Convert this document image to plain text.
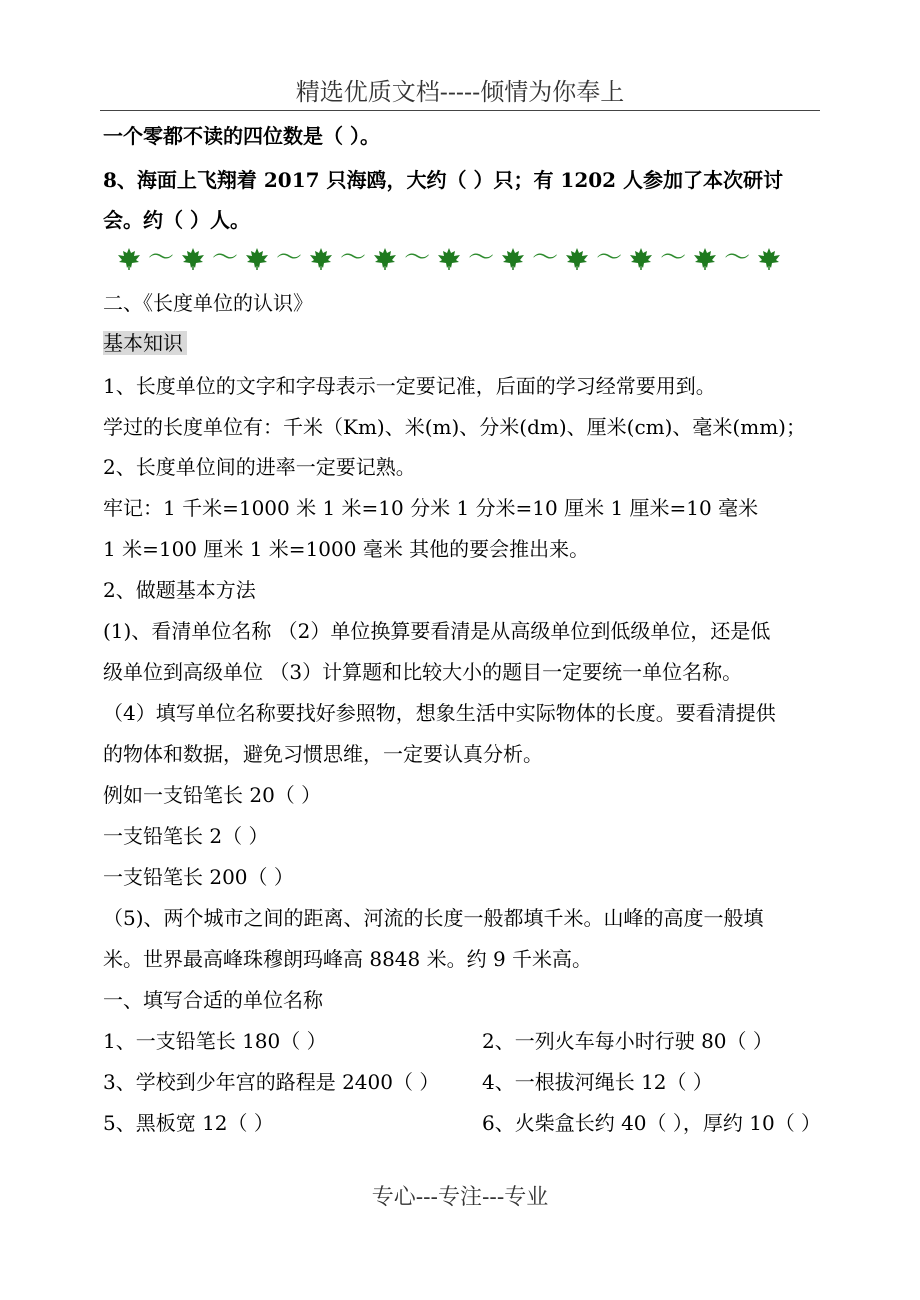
精选优质文档-----倾情为你奉上
一个零都不读的四位数是（ ）。
8、海面上飞翔着 2017 只海鸥，大约（ ）只；有 1202 人参加了本次研讨
会。约（ ）人。
～ ～ ～ ～ ～ ～ ～ ～ ～ ～
二、《长度单位的认识》
基本知识
1、长度单位的文字和字母表示一定要记准，后面的学习经常要用到。
学过的长度单位有：千米（Km)、米(m)、分米(dm)、厘米(cm)、毫米(mm)；
2、长度单位间的进率一定要记熟。
牢记：1 千米=1000 米 1 米=10 分米 1 分米=10 厘米 1 厘米=10 毫米
1 米=100 厘米 1 米=1000 毫米 其他的要会推出来。
2、做题基本方法
(1)、看清单位名称 （2）单位换算要看清是从高级单位到低级单位，还是低
级单位到高级单位 （3）计算题和比较大小的题目一定要统一单位名称。
（4）填写单位名称要找好参照物，想象生活中实际物体的长度。要看清提供
的物体和数据，避免习惯思维，一定要认真分析。
例如一支铅笔长 20（ ）
一支铅笔长 2（ ）
一支铅笔长 200（ ）
（5)、两个城市之间的距离、河流的长度一般都填千米。山峰的高度一般填
米。世界最高峰珠穆朗玛峰高 8848 米。约 9 千米高。
一、填写合适的单位名称
1、一支铅笔长 180（ ）	2、一列火车每小时行驶 80（ ）
3、学校到少年宫的路程是 2400（ ） 4、一根拔河绳长 12（ ）
5、黑板宽 12（ ）	6、火柴盒长约 40（ ），厚约 10（ ）
专心---专注---专业
